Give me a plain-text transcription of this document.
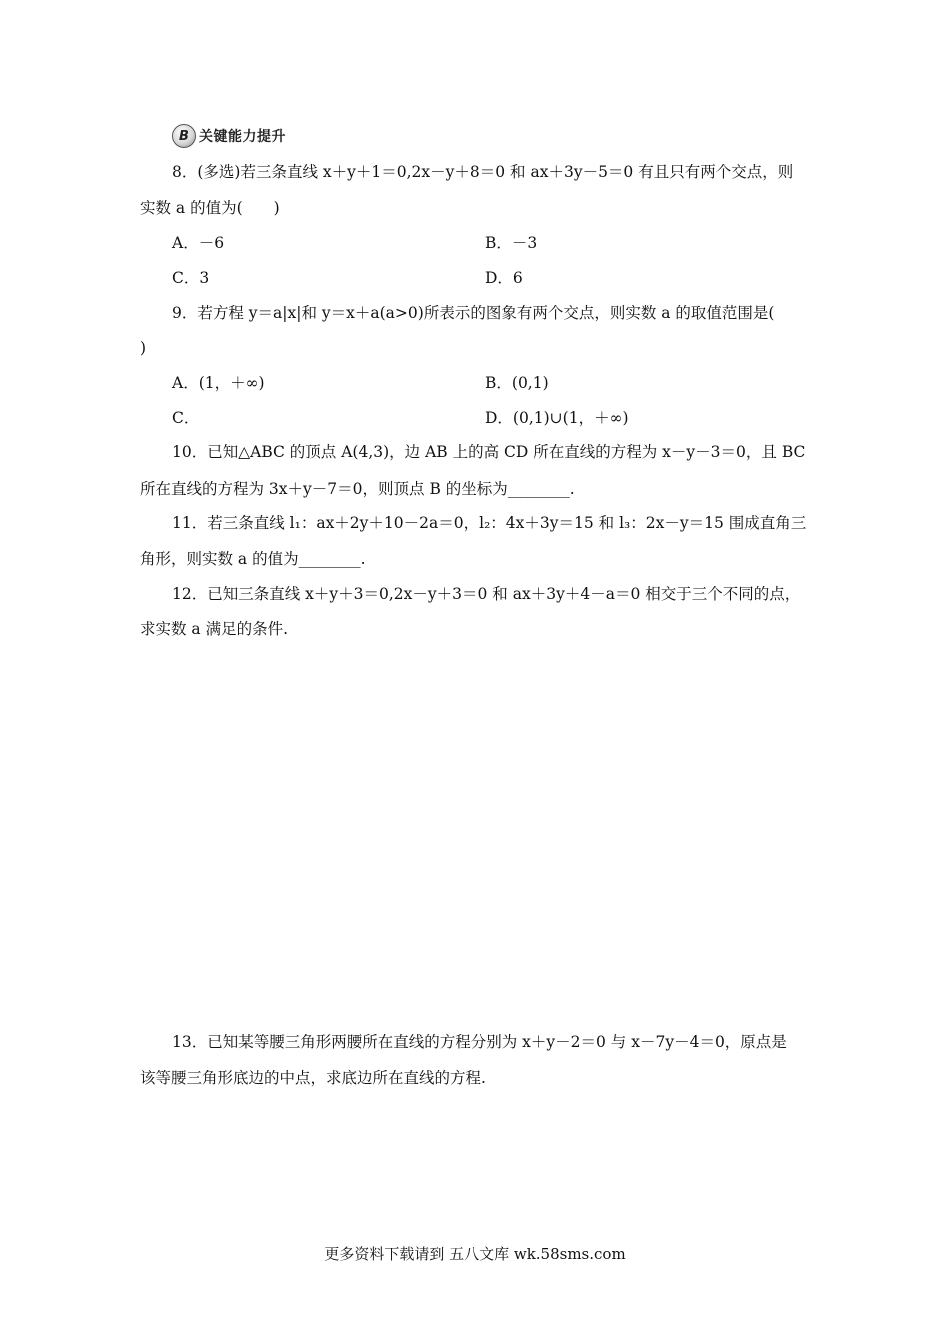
B 关键能力提升
8．(多选)若三条直线 x＋y＋1＝0,2x－y＋8＝0 和 ax＋3y－5＝0 有且只有两个交点，则
实数 a 的值为(　　)
A．－6	B．－3
C．3	D．6
9．若方程 y＝a|x|和 y＝x＋a(a>0)所表示的图象有两个交点，则实数 a 的取值范围是(
)
A．(1，＋∞)	B．(0,1)
C．	D．(0,1)∪(1，＋∞)
10．已知△ABC 的顶点 A(4,3)，边 AB 上的高 CD 所在直线的方程为 x－y－3＝0，且 BC
所在直线的方程为 3x＋y－7＝0，则顶点 B 的坐标为________.
11．若三条直线 l₁：ax＋2y＋10－2a＝0，l₂：4x＋3y＝15 和 l₃：2x－y＝15 围成直角三
角形，则实数 a 的值为________.
12．已知三条直线 x＋y＋3＝0,2x－y＋3＝0 和 ax＋3y＋4－a＝0 相交于三个不同的点，
求实数 a 满足的条件.
13．已知某等腰三角形两腰所在直线的方程分别为 x＋y－2＝0 与 x－7y－4＝0，原点是
该等腰三角形底边的中点，求底边所在直线的方程.
更多资料下载请到 五八文库 wk.58sms.com
